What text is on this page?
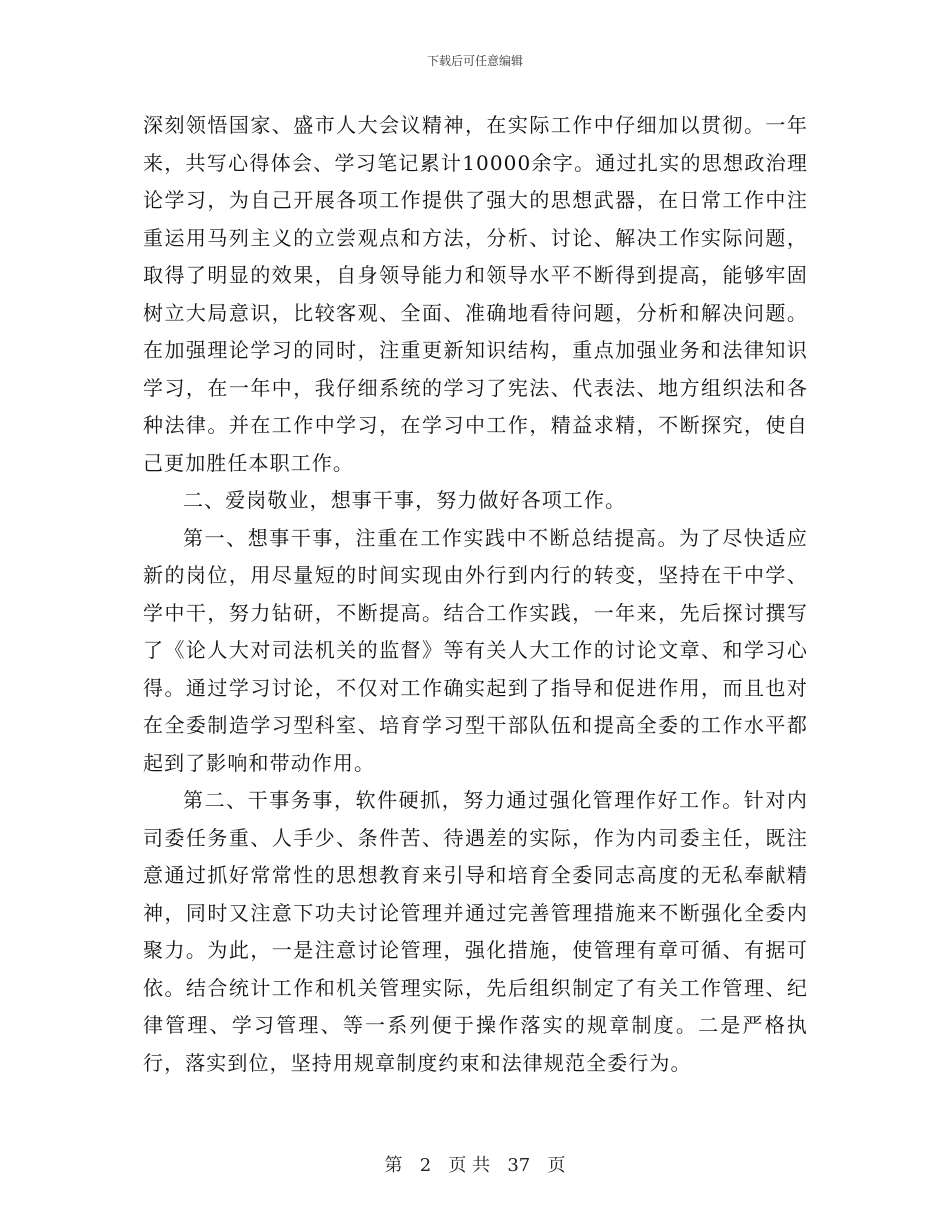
下载后可任意编辑

深刻领悟国家、盛市人大会议精神，在实际工作中仔细加以贯彻。一年来，共写心得体会、学习笔记累计10000余字。通过扎实的思想政治理论学习，为自己开展各项工作提供了强大的思想武器，在日常工作中注重运用马列主义的立尝观点和方法，分析、讨论、解决工作实际问题，取得了明显的效果，自身领导能力和领导水平不断得到提高，能够牢固树立大局意识，比较客观、全面、准确地看待问题，分析和解决问题。在加强理论学习的同时，注重更新知识结构，重点加强业务和法律知识学习，在一年中，我仔细系统的学习了宪法、代表法、地方组织法和各种法律。并在工作中学习，在学习中工作，精益求精，不断探究，使自己更加胜任本职工作。

二、爱岗敬业，想事干事，努力做好各项工作。

第一、想事干事，注重在工作实践中不断总结提高。为了尽快适应新的岗位，用尽量短的时间实现由外行到内行的转变，坚持在干中学、学中干，努力钻研，不断提高。结合工作实践，一年来，先后探讨撰写了《论人大对司法机关的监督》等有关人大工作的讨论文章、和学习心得。通过学习讨论，不仅对工作确实起到了指导和促进作用，而且也对在全委制造学习型科室、培育学习型干部队伍和提高全委的工作水平都起到了影响和带动作用。

第二、干事务事，软件硬抓，努力通过强化管理作好工作。针对内司委任务重、人手少、条件苦、待遇差的实际，作为内司委主任，既注意通过抓好常常性的思想教育来引导和培育全委同志高度的无私奉献精神，同时又注意下功夫讨论管理并通过完善管理措施来不断强化全委内聚力。为此，一是注意讨论管理，强化措施，使管理有章可循、有据可依。结合统计工作和机关管理实际，先后组织制定了有关工作管理、纪律管理、学习管理、等一系列便于操作落实的规章制度。二是严格执行，落实到位，坚持用规章制度约束和法律规范全委行为。

第 2 页 共 37 页
